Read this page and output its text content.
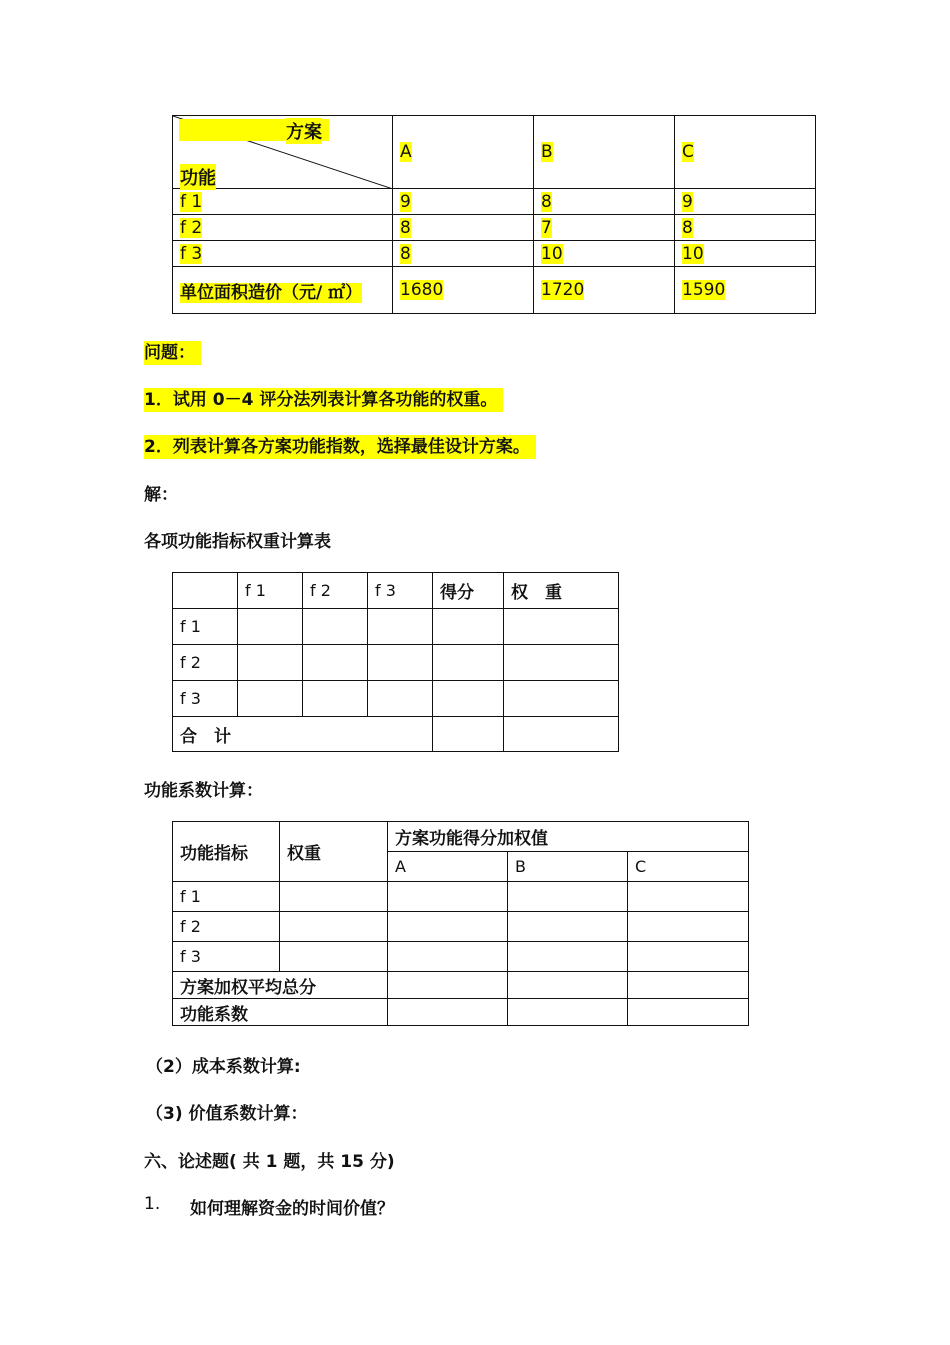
方案
功能	A	B	C
f 1	9	8	9
f 2	8	7	8
f 3	8	10	10
单位面积造价（元/ ㎡）	1680	1720	1590
问题：
1．试用 0－4 评分法列表计算各功能的权重。
2．列表计算各方案功能指数，选择最佳设计方案。
解：
各项功能指标权重计算表
	f 1	f 2	f 3	得分	权　重
f 1					
f 2					
f 3					
合　计					
功能系数计算：
功能指标	权重	方案功能得分加权值		
		A	B	C
f 1				
f 2				
f 3				
方案加权平均总分				
功能系数				
（2）成本系数计算:
（3) 价值系数计算：
六、论述题( 共 1 题，共 15 分)
1. 如何理解资金的时间价值？
